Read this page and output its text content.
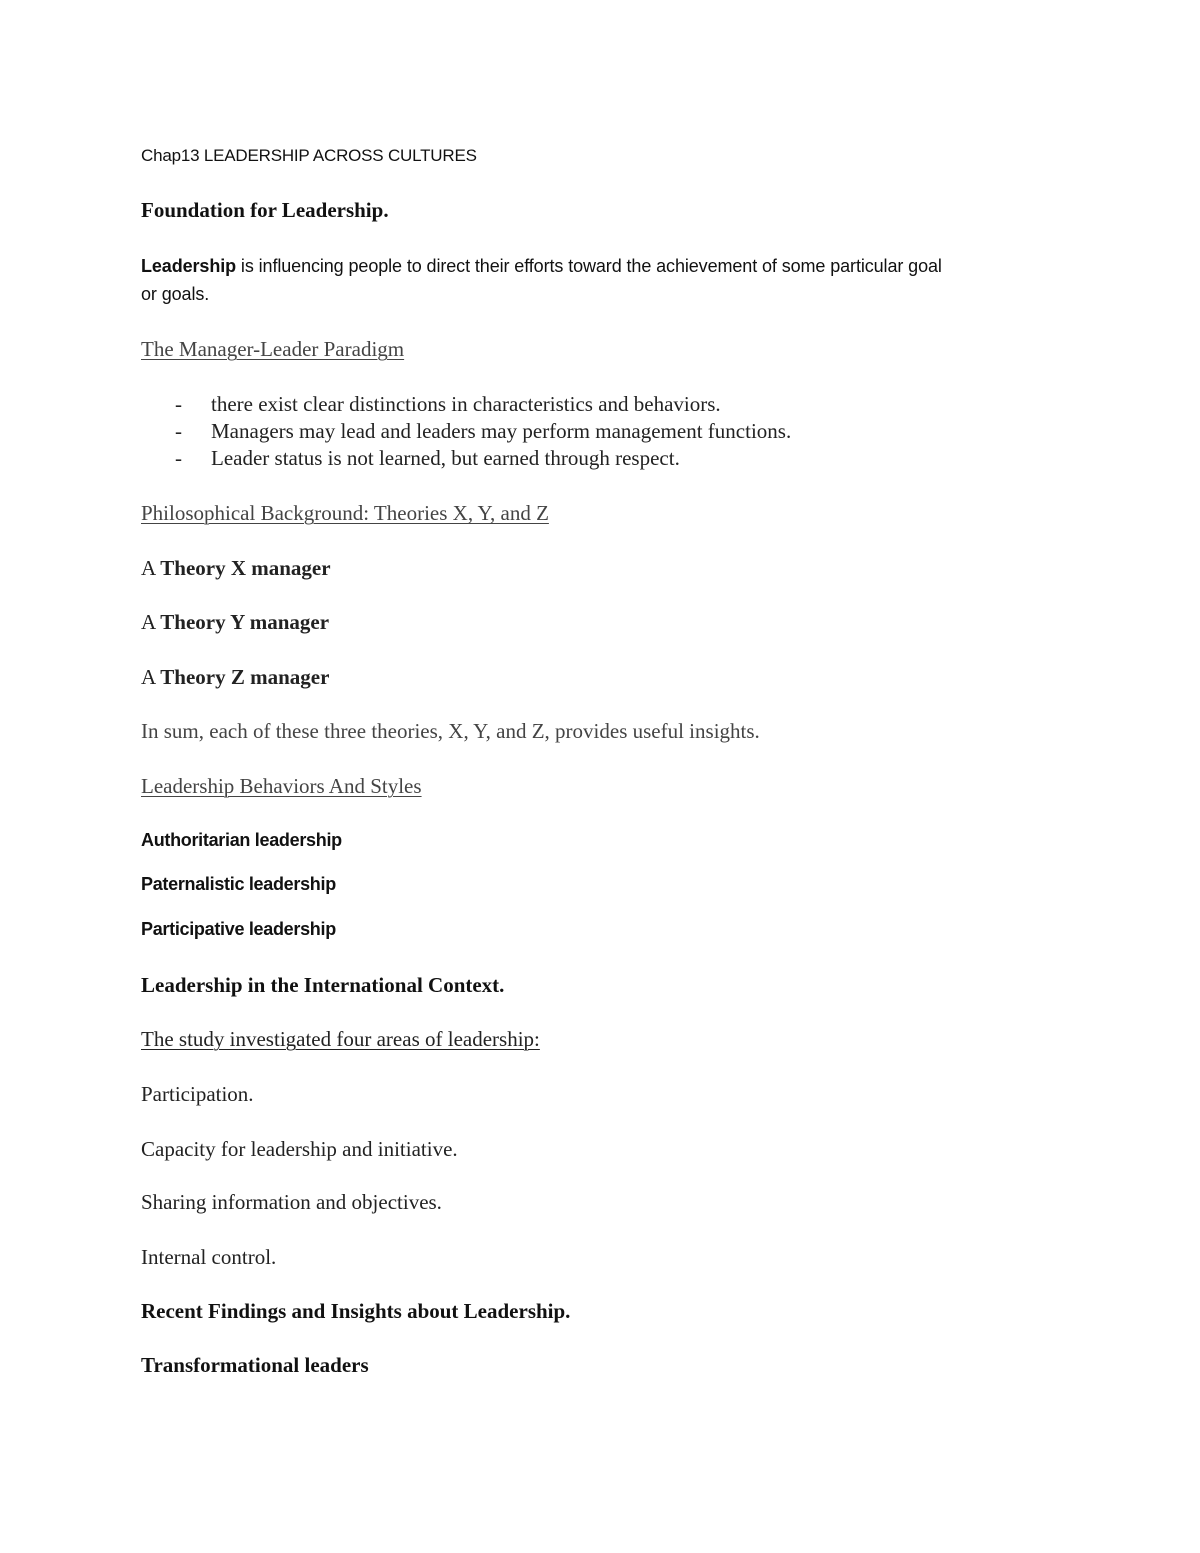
Chap13 LEADERSHIP ACROSS CULTURES
Foundation for Leadership.
Leadership is influencing people to direct their efforts toward the achievement of some particular goal
or goals.
The Manager-Leader Paradigm
- there exist clear distinctions in characteristics and behaviors.
- Managers may lead and leaders may perform management functions.
- Leader status is not learned, but earned through respect.
Philosophical Background: Theories X, Y, and Z
A Theory X manager
A Theory Y manager
A Theory Z manager
In sum, each of these three theories, X, Y, and Z, provides useful insights.
Leadership Behaviors And Styles
Authoritarian leadership
Paternalistic leadership
Participative leadership
Leadership in the International Context.
The study investigated four areas of leadership:
Participation.
Capacity for leadership and initiative.
Sharing information and objectives.
Internal control.
Recent Findings and Insights about Leadership.
Transformational leaders
